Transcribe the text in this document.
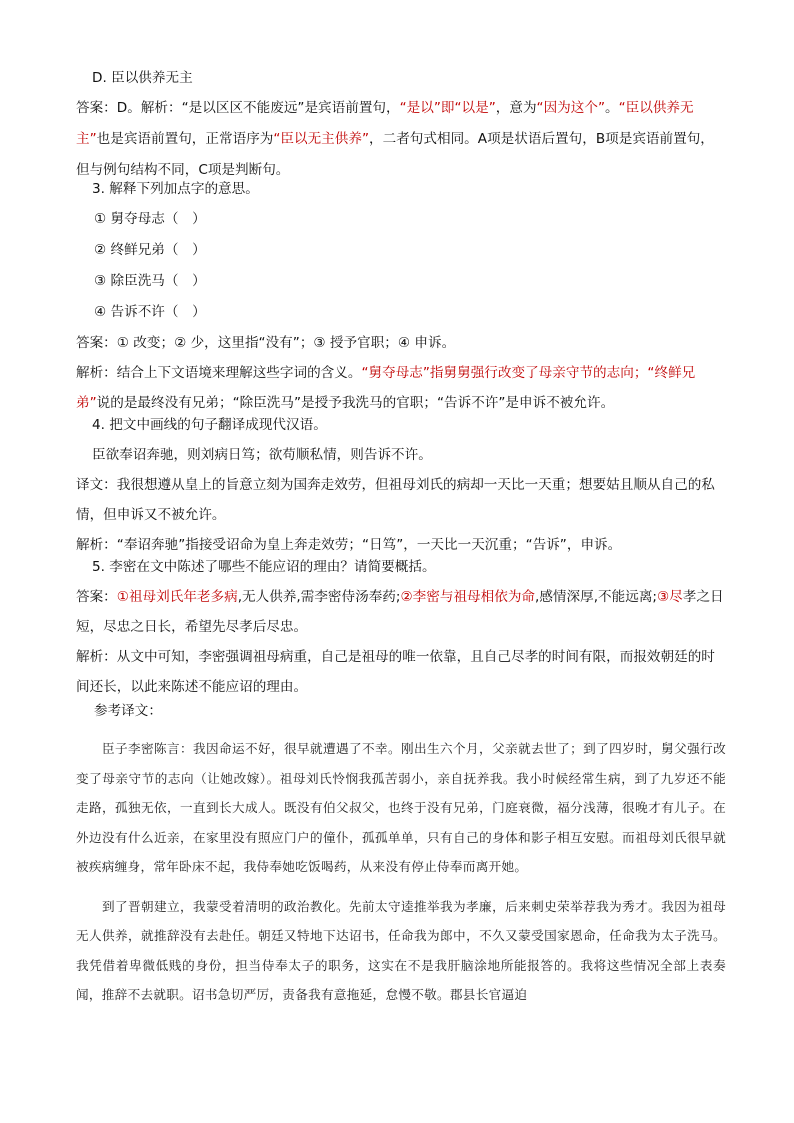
D. 臣以供养无主
答案：D。解析：“是以区区不能废远”是宾语前置句，“是以”即“以是”，意为“因为这个”。“臣以供养无主”也是宾语前置句，正常语序为“臣以无主供养”，二者句式相同。A项是状语后置句，B项是宾语前置句，但与例句结构不同，C项是判断句。
3. 解释下列加点字的意思。
① 舅夺母志（　）
② 终鲜兄弟（　）
③ 除臣洗马（　）
④ 告诉不许（　）
答案：① 改变；② 少，这里指“没有”；③ 授予官职；④ 申诉。
解析：结合上下文语境来理解这些字词的含义。“舅夺母志”指舅舅强行改变了母亲守节的志向；“终鲜兄弟”说的是最终没有兄弟；“除臣洗马”是授予我洗马的官职；“告诉不许”是申诉不被允许。
4. 把文中画线的句子翻译成现代汉语。
臣欲奉诏奔驰，则刘病日笃；欲苟顺私情，则告诉不许。
译文：我很想遵从皇上的旨意立刻为国奔走效劳，但祖母刘氏的病却一天比一天重；想要姑且顺从自己的私情，但申诉又不被允许。
解析：“奉诏奔驰”指接受诏命为皇上奔走效劳；“日笃”，一天比一天沉重；“告诉”，申诉。
5. 李密在文中陈述了哪些不能应诏的理由？请简要概括。
答案：①祖母刘氏年老多病,无人供养,需李密侍汤奉药;②李密与祖母相依为命,感情深厚,不能远离;③尽孝之日短，尽忠之日长，希望先尽孝后尽忠。
解析：从文中可知，李密强调祖母病重，自己是祖母的唯一依靠，且自己尽孝的时间有限，而报效朝廷的时间还长，以此来陈述不能应诏的理由。
参考译文：

臣子李密陈言：我因命运不好，很早就遭遇了不幸。刚出生六个月，父亲就去世了；到了四岁时，舅父强行改变了母亲守节的志向（让她改嫁）。祖母刘氏怜悯我孤苦弱小，亲自抚养我。我小时候经常生病，到了九岁还不能走路，孤独无依，一直到长大成人。既没有伯父叔父，也终于没有兄弟，门庭衰微，福分浅薄，很晚才有儿子。在外边没有什么近亲，在家里没有照应门户的僮仆，孤孤单单，只有自己的身体和影子相互安慰。而祖母刘氏很早就被疾病缠身，常年卧床不起，我侍奉她吃饭喝药，从来没有停止侍奉而离开她。

到了晋朝建立，我蒙受着清明的政治教化。先前太守逵推举我为孝廉，后来刺史荣举荐我为秀才。我因为祖母无人供养，就推辞没有去赴任。朝廷又特地下达诏书，任命我为郎中，不久又蒙受国家恩命，任命我为太子洗马。我凭借着卑微低贱的身份，担当侍奉太子的职务，这实在不是我肝脑涂地所能报答的。我将这些情况全部上表奏闻，推辞不去就职。诏书急切严厉，责备我有意拖延，怠慢不敬。郡县长官逼迫
